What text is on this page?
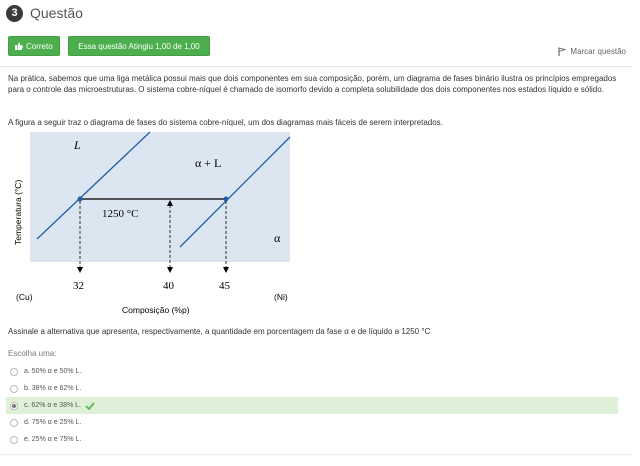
3 Questão
Correto	Essa questão Atingiu 1,00 de 1,00
Marcar questão
Na prática, sabemos que uma liga metálica possui mais que dois componentes em sua composição, porém, um diagrama de fases binário ilustra os princípios empregados para o controle das microestruturas. O sistema cobre-níquel é chamado de isomorfo devido a completa solubilidade dos dois componentes nos estados líquido e sólido.
A figura a seguir traz o diagrama de fases do sistema cobre-níquel, um dos diagramas mais fáceis de serem interpretados.
L
α + L
α
1250 °C
Temperatura (°C)
32	40	45
(Cu)	(Ni)
Composição (%p)
Assinale a alternativa que apresenta, respectivamente, a quantidade em porcentagem da fase α e de líquido a 1250 °C
Escolha uma:
a. 50% α e 50% L.
b. 38% α e 62% L.
c. 62% α e 38% L.
d. 75% α e 25% L.
e. 25% α e 75% L.
